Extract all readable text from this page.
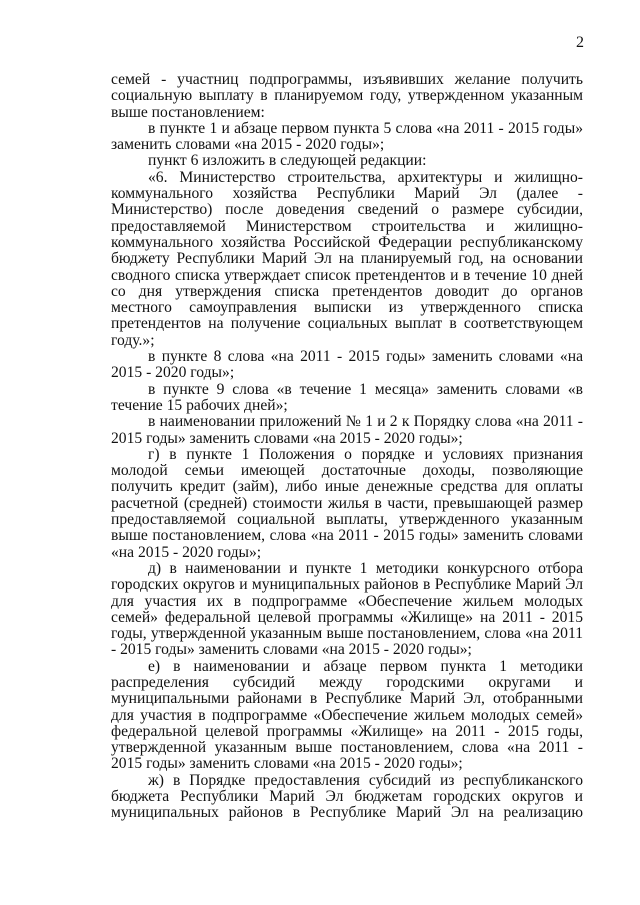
2

семей - участниц подпрограммы, изъявивших желание получить социальную выплату в планируемом году, утвержденном указанным выше постановлением:

в пункте 1 и абзаце первом пункта 5 слова «на 2011 - 2015 годы» заменить словами «на 2015 - 2020 годы»;

пункт 6 изложить в следующей редакции:

«6. Министерство строительства, архитектуры и жилищно-коммунального хозяйства Республики Марий Эл (далее - Министерство) после доведения сведений о размере субсидии, предоставляемой Министерством строительства и жилищно-коммунального хозяйства Российской Федерации республиканскому бюджету Республики Марий Эл на планируемый год, на основании сводного списка утверждает список претендентов и в течение 10 дней со дня утверждения списка претендентов доводит до органов местного самоуправления выписки из утвержденного списка претендентов на получение социальных выплат в соответствующем году.»;

в пункте 8 слова «на 2011 - 2015 годы» заменить словами «на 2015 - 2020 годы»;

в пункте 9 слова «в течение 1 месяца» заменить словами «в течение 15 рабочих дней»;

в наименовании приложений № 1 и 2 к Порядку слова «на 2011 - 2015 годы» заменить словами «на 2015 - 2020 годы»;

г) в пункте 1 Положения о порядке и условиях признания молодой семьи имеющей достаточные доходы, позволяющие получить кредит (займ), либо иные денежные средства для оплаты расчетной (средней) стоимости жилья в части, превышающей размер предоставляемой социальной выплаты, утвержденного указанным выше постановлением, слова «на 2011 - 2015 годы» заменить словами «на 2015 - 2020 годы»;

д) в наименовании и пункте 1 методики конкурсного отбора городских округов и муниципальных районов в Республике Марий Эл для участия их в подпрограмме «Обеспечение жильем молодых семей» федеральной целевой программы «Жилище» на 2011 - 2015 годы, утвержденной указанным выше постановлением, слова «на 2011 - 2015 годы» заменить словами «на 2015 - 2020 годы»;

е) в наименовании и абзаце первом пункта 1 методики распределения субсидий между городскими округами и муниципальными районами в Республике Марий Эл, отобранными для участия в подпрограмме «Обеспечение жильем молодых семей» федеральной целевой программы «Жилище» на 2011 - 2015 годы, утвержденной указанным выше постановлением, слова «на 2011 - 2015 годы» заменить словами «на 2015 - 2020 годы»;

ж) в Порядке предоставления субсидий из республиканского бюджета Республики Марий Эл бюджетам городских округов и муниципальных районов в Республике Марий Эл на реализацию
